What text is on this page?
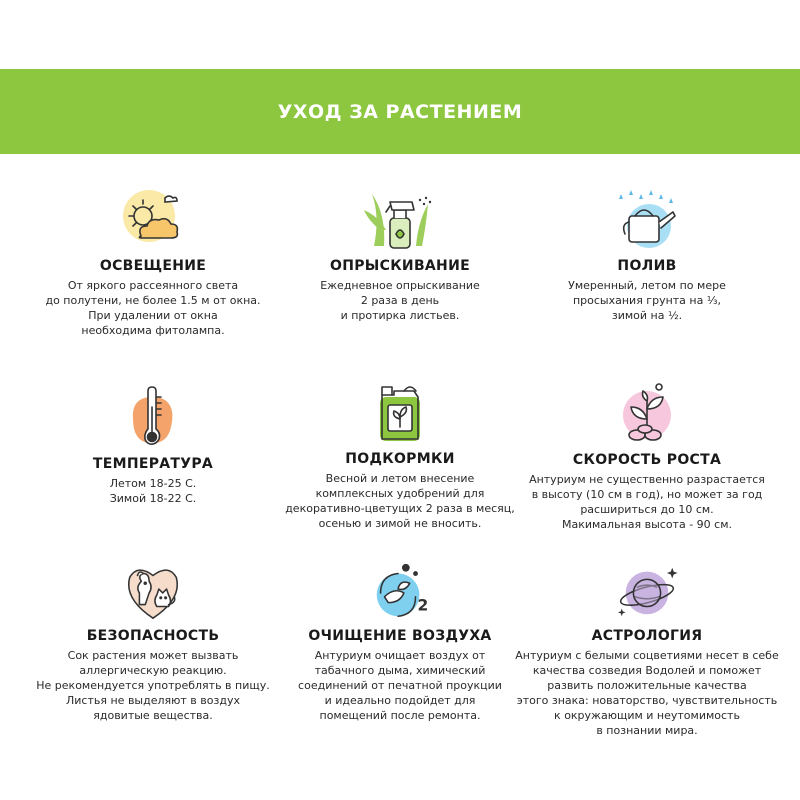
УХОД ЗА РАСТЕНИЕМ
ОСВЕЩЕНИЕ
От яркого рассеянного света
до полутени, не более 1.5 м от окна.
При удалении от окна
необходима фитолампа.
ОПРЫСКИВАНИЕ
Ежедневное опрыскивание
2 раза в день
и протирка листьев.
ПОЛИВ
Умеренный, летом по мере
просыхания грунта на ⅓,
зимой на ½.
ТЕМПЕРАТУРА
Летом 18-25 С.
Зимой 18-22 С.
ПОДКОРМКИ
Весной и летом внесение
комплексных удобрений для
декоративно-цветущих 2 раза в месяц,
осенью и зимой не вносить.
СКОРОСТЬ РОСТА
Антуриум не существенно разрастается
в высоту (10 см в год), но может за год
расшириться до 10 см.
Макимальная высота - 90 см.
БЕЗОПАСНОСТЬ
Сок растения может вызвать
аллергическую реакцию.
Не рекомендуется употреблять в пищу.
Листья не выделяют в воздух
ядовитые вещества.
2
ОЧИЩЕНИЕ ВОЗДУХА
Антуриум очищает воздух от
табачного дыма, химический
соединений от печатной проукции
и идеально подойдет для
помещений после ремонта.
АСТРОЛОГИЯ
Антуриум с белыми соцветиями несет в себе
качества созведия Водолей и поможет
развить положительные качества
этого знака: новаторство, чувствительность
к окружающим и неутомимость
в познании мира.
